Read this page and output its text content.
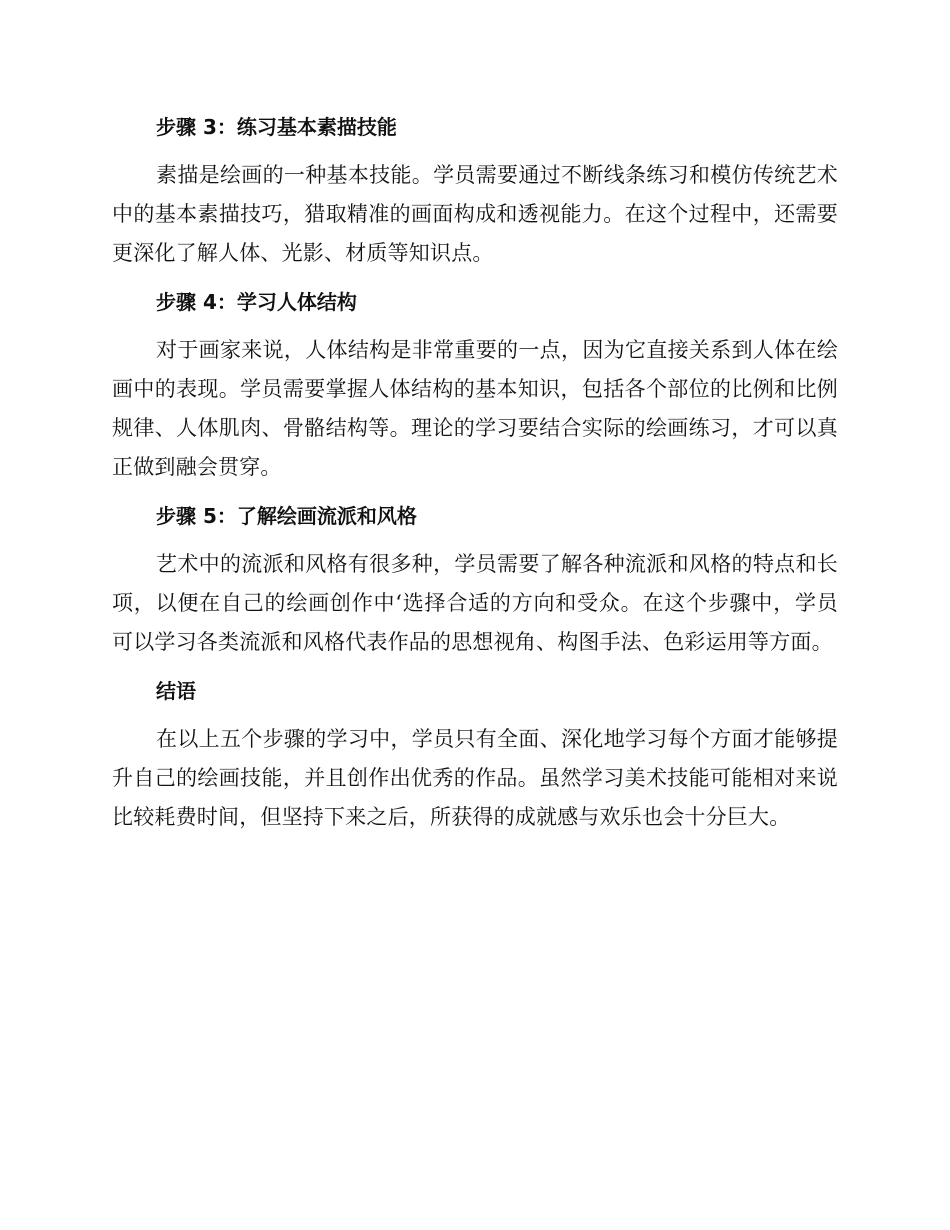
步骤 3：练习基本素描技能

素描是绘画的一种基本技能。学员需要通过不断线条练习和模仿传统艺术中的基本素描技巧，猎取精准的画面构成和透视能力。在这个过程中，还需要更深化了解人体、光影、材质等知识点。

步骤 4：学习人体结构

对于画家来说，人体结构是非常重要的一点，因为它直接关系到人体在绘画中的表现。学员需要掌握人体结构的基本知识，包括各个部位的比例和比例规律、人体肌肉、骨骼结构等。理论的学习要结合实际的绘画练习，才可以真正做到融会贯穿。

步骤 5：了解绘画流派和风格

艺术中的流派和风格有很多种，学员需要了解各种流派和风格的特点和长项，以便在自己的绘画创作中‘选择合适的方向和受众。在这个步骤中，学员可以学习各类流派和风格代表作品的思想视角、构图手法、色彩运用等方面。

结语

在以上五个步骤的学习中，学员只有全面、深化地学习每个方面才能够提升自己的绘画技能，并且创作出优秀的作品。虽然学习美术技能可能相对来说比较耗费时间，但坚持下来之后，所获得的成就感与欢乐也会十分巨大。
